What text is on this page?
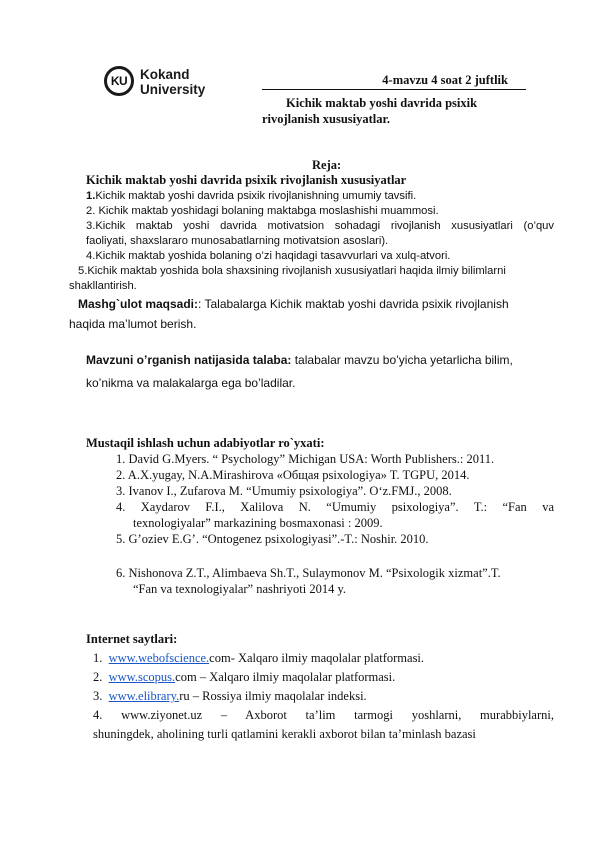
KU Kokand
University
4-mavzu 4 soat 2 juftlik
Kichik maktab yoshi davrida psixik
rivojlanish xususiyatlar.
Reja:
Kichik maktab yoshi davrida psixik rivojlanish xususiyatlar
1.Kichik maktab yoshi davrida psixik rivojlanishning umumiy tavsifi.
2. Kichik maktab yoshidagi bolaning maktabga moslashishi muammosi.
3.Kichik maktab yoshi davrida motivatsion sohadagi rivojlanish xususiyatlari (o’quv
faoliyati, shaxslararo munosabatlarning motivatsion asoslari).
4.Kichik maktab yoshida bolaning o’zi haqidagi tasavvurlari va xulq-atvori.
5.Kichik maktab yoshida bola shaxsining rivojlanish xususiyatlari haqida ilmiy bilimlarni
shakllantirish.
Mashg`ulot maqsadi:: Talabalarga Kichik maktab yoshi davrida psixik rivojlanish
haqida ma’lumot berish.
Mavzuni o’rganish natijasida talaba: talabalar mavzu bo’yicha yetarlicha bilim,
ko’nikma va malakalarga ega bo’ladilar.
Mustaqil ishlash uchun adabiyotlar ro`yxati:
1. David G.Myers. “ Psychology” Michigan USA: Worth Publishers.: 2011.
2. A.X.yugay, N.A.Mirashirova «Общая psixologiya» T. TGPU, 2014.
3. Ivanov I., Zufarova M. “Umumiy psixologiya”. O‘z.FMJ., 2008.
4. Xaydarov F.I., Xalilova N. “Umumiy psixologiya”. T.: “Fan va
texnologiyalar” markazining bosmaxonasi : 2009.
5. G’oziev E.G’. “Ontogenez psixologiyasi”.-T.: Noshir. 2010.
6. Nishonova Z.T., Alimbaeva Sh.T., Sulaymonov M. “Psixologik xizmat”.T.
“Fan va texnologiyalar” nashriyoti 2014 y.
Internet saytlari:
1. www.webofscience.com- Xalqaro ilmiy maqolalar platformasi.
2. www.scopus.com – Xalqaro ilmiy maqolalar platformasi.
3. www.elibrary.ru – Rossiya ilmiy maqolalar indeksi.
4. www.ziyonet.uz – Axborot ta’lim tarmogi yoshlarni, murabbiylarni,
shuningdek, aholining turli qatlamini kerakli axborot bilan ta’minlash bazasi
